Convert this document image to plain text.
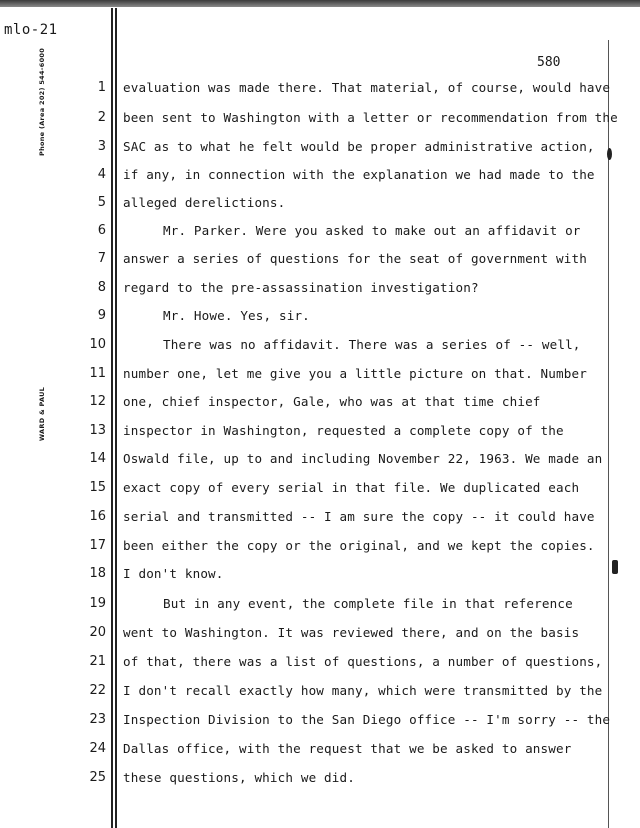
mlo-21
580
Phone (Area 202) 544-6000
WARD & PAUL
1 evaluation was made there. That material, of course, would have
2 been sent to Washington with a letter or recommendation from the
3 SAC as to what he felt would be proper administrative action,
4 if any, in connection with the explanation we had made to the
5 alleged derelictions.
6	Mr. Parker. Were you asked to make out an affidavit or
7 answer a series of questions for the seat of government with
8 regard to the pre-assassination investigation?
9	Mr. Howe. Yes, sir.
10	There was no affidavit. There was a series of -- well,
11 number one, let me give you a little picture on that. Number
12 one, chief inspector, Gale, who was at that time chief
13 inspector in Washington, requested a complete copy of the
14 Oswald file, up to and including November 22, 1963. We made an
15 exact copy of every serial in that file. We duplicated each
16 serial and transmitted -- I am sure the copy -- it could have
17 been either the copy or the original, and we kept the copies.
18 I don't know.
19	But in any event, the complete file in that reference
20 went to Washington. It was reviewed there, and on the basis
21 of that, there was a list of questions, a number of questions,
22 I don't recall exactly how many, which were transmitted by the
23 Inspection Division to the San Diego office -- I'm sorry -- the
24 Dallas office, with the request that we be asked to answer
25 these questions, which we did.
